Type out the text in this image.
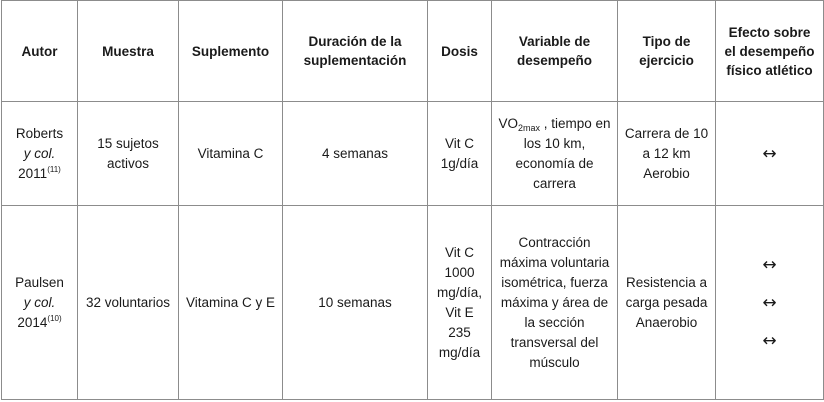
Autor	Muestra	Suplemento	Duración de la suplementación	Dosis	Variable de desempeño	Tipo de ejercicio	Efecto sobre el desempeño físico atlético

Roberts
y col.
2011$^{(11)}$	15 sujetos activos	Vitamina C	4 semanas	Vit C 1g/día	$VO_{2max}$ , tiempo en los 10 km, economía de carrera	Carrera de 10 a 12 km Aerobio	↔

Paulsen
y col.
2014$^{(10)}$	32 voluntarios	Vitamina C y E	10 semanas	Vit C 1000 mg/día, Vit E 235 mg/día	Contracción máxima voluntaria isométrica, fuerza máxima y área de la sección transversal del músculo	Resistencia a carga pesada Anaerobio	↔
↔
↔
